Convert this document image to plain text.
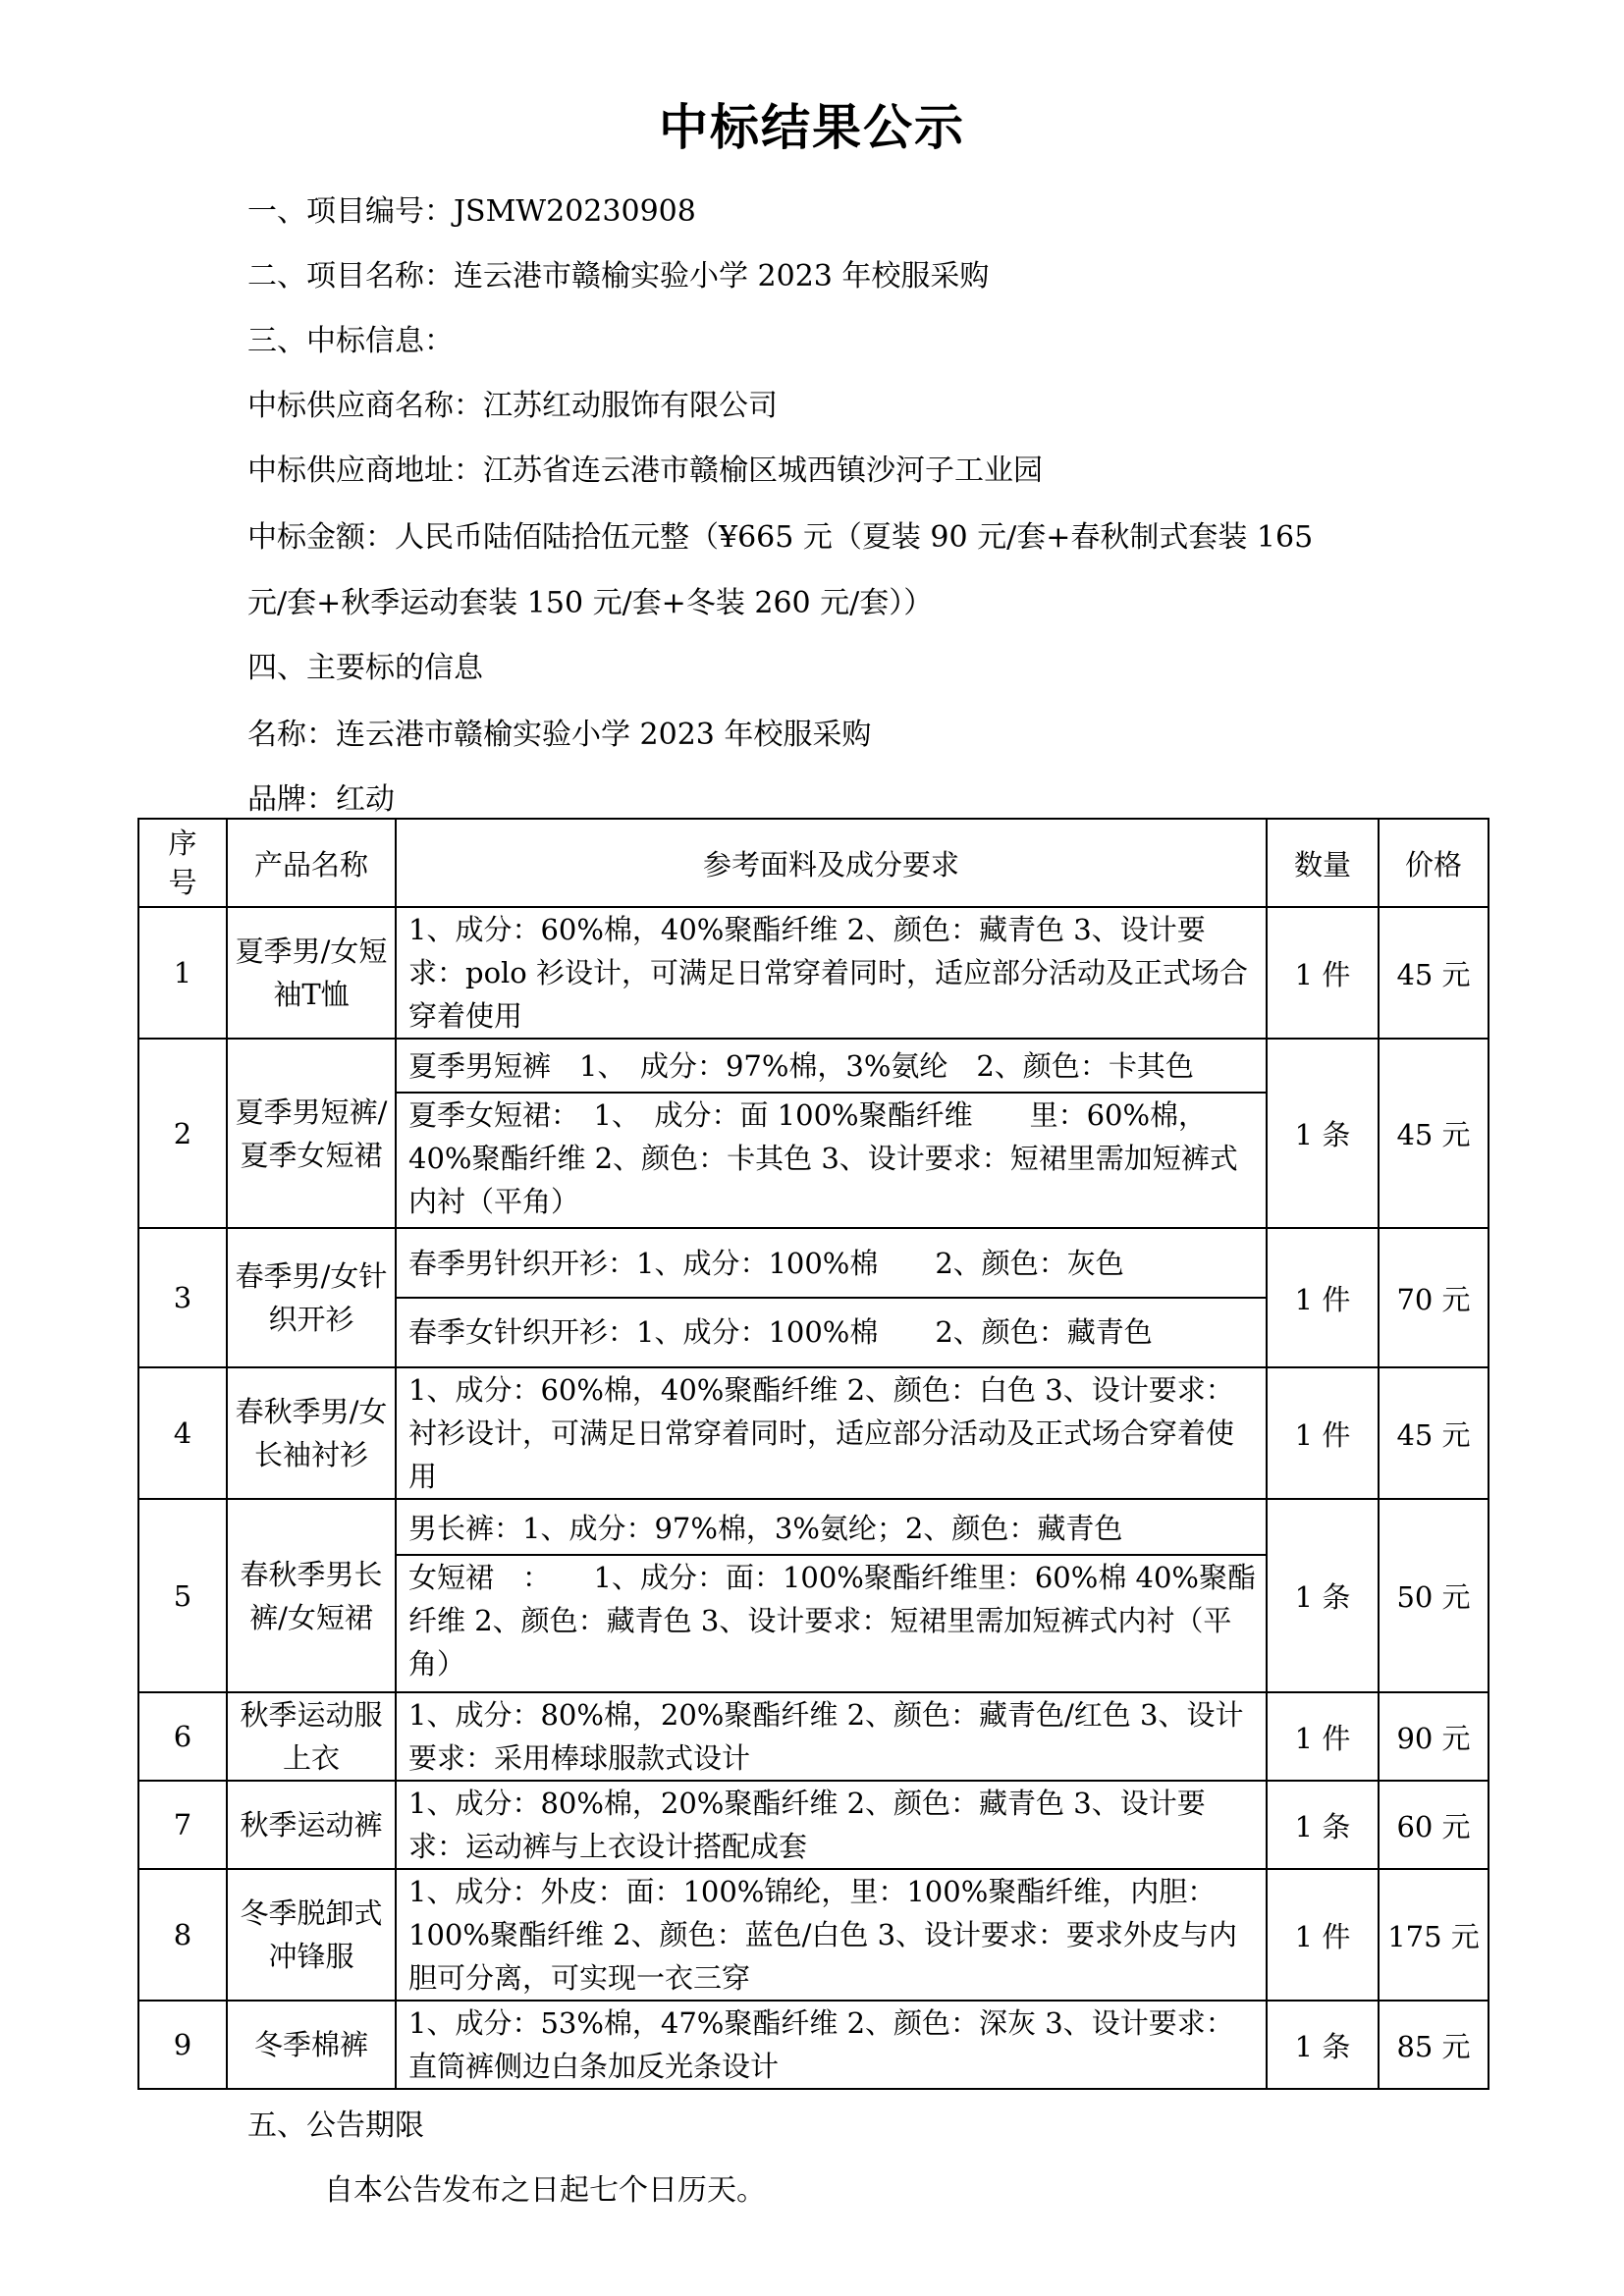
中标结果公示
一、项目编号：JSMW20230908
二、项目名称：连云港市赣榆实验小学 2023 年校服采购
三、中标信息：
中标供应商名称：江苏红动服饰有限公司
中标供应商地址：江苏省连云港市赣榆区城西镇沙河子工业园
中标金额：人民币陆佰陆拾伍元整（¥665 元（夏装 90 元/套+春秋制式套装 165
元/套+秋季运动套装 150 元/套+冬装 260 元/套））
四、主要标的信息
名称：连云港市赣榆实验小学 2023 年校服采购
品牌：红动
序号	产品名称	参考面料及成分要求	数量	价格
1	夏季男/女短袖T恤	1、成分：60%棉，40%聚酯纤维 2、颜色：藏青色 3、设计要求：polo 衫设计，可满足日常穿着同时，适应部分活动及正式场合穿着使用	1 件	45 元
2	夏季男短裤/夏季女短裙	夏季男短裤　1、　成分：97%棉，3%氨纶　2、颜色：卡其色
夏季女短裙：　1、　成分：面 100%聚酯纤维　　里：60%棉，40%聚酯纤维 2、颜色：卡其色 3、设计要求：短裙里需加短裤式内衬（平角）	1 条	45 元
3	春季男/女针织开衫	春季男针织开衫：1、成分：100%棉　　2、颜色：灰色
春季女针织开衫：1、成分：100%棉　　2、颜色：藏青色	1 件	70 元
4	春秋季男/女长袖衬衫	1、成分：60%棉，40%聚酯纤维 2、颜色：白色 3、设计要求：衬衫设计，可满足日常穿着同时，适应部分活动及正式场合穿着使用	1 件	45 元
5	春秋季男长裤/女短裙	男长裤：1、成分：97%棉，3%氨纶；2、颜色：藏青色
女短裙　：　　1、成分：面：100%聚酯纤维里：60%棉 40%聚酯纤维 2、颜色：藏青色 3、设计要求：短裙里需加短裤式内衬（平角）	1 条	50 元
6	秋季运动服上衣	1、成分：80%棉，20%聚酯纤维 2、颜色：藏青色/红色 3、设计要求：采用棒球服款式设计	1 件	90 元
7	秋季运动裤	1、成分：80%棉，20%聚酯纤维 2、颜色：藏青色 3、设计要求：运动裤与上衣设计搭配成套	1 条	60 元
8	冬季脱卸式冲锋服	1、成分：外皮：面：100%锦纶，里：100%聚酯纤维，内胆：100%聚酯纤维 2、颜色：蓝色/白色 3、设计要求：要求外皮与内胆可分离，可实现一衣三穿	1 件	175 元
9	冬季棉裤	1、成分：53%棉，47%聚酯纤维 2、颜色：深灰 3、设计要求：直筒裤侧边白条加反光条设计	1 条	85 元
五、公告期限
自本公告发布之日起七个日历天。
